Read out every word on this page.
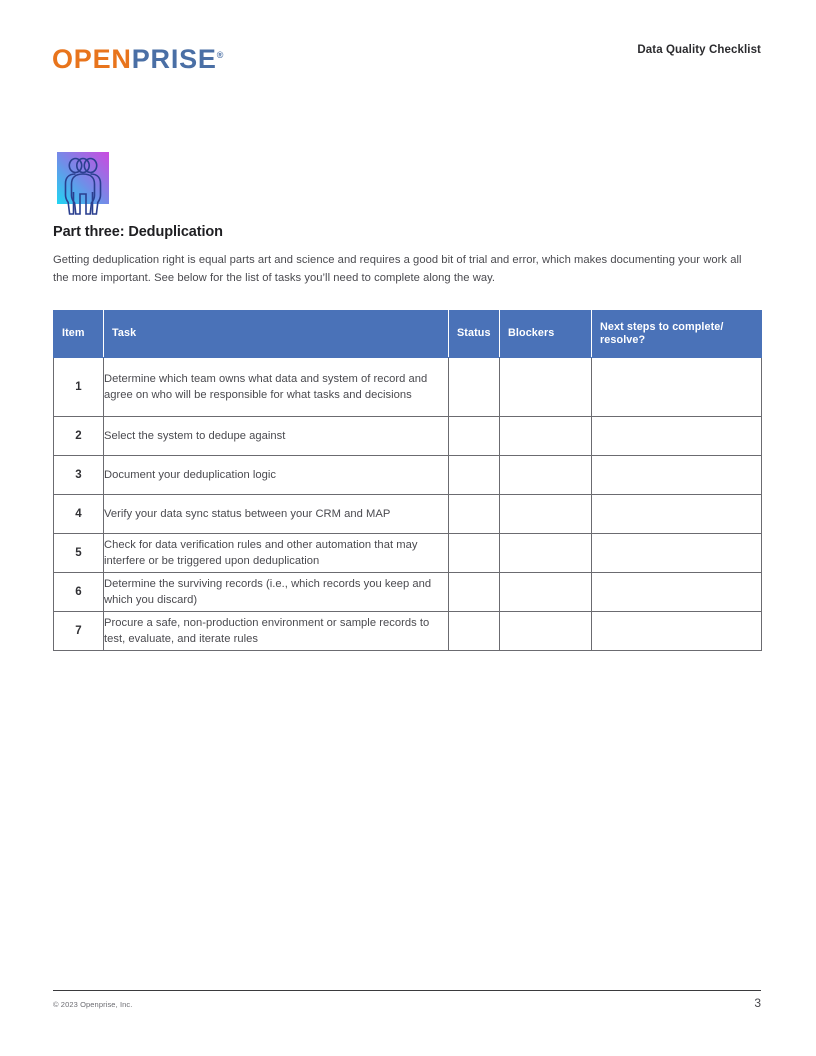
OPENPRISE®	Data Quality Checklist
Part three: Deduplication
Getting deduplication right is equal parts art and science and requires a good bit of trial and error, which makes documenting your work all the more important. See below for the list of tasks you’ll need to complete along the way.
Item	Task	Status	Blockers	Next steps to complete/ resolve?
1	Determine which team owns what data and system of record and agree on who will be responsible for what tasks and decisions			
2	Select the system to dedupe against			
3	Document your deduplication logic			
4	Verify your data sync status between your CRM and MAP			
5	Check for data verification rules and other automation that may interfere or be triggered upon deduplication			
6	Determine the surviving records (i.e., which records you keep and which you discard)			
7	Procure a safe, non-production environment or sample records to test, evaluate, and iterate rules			
© 2023 Openprise, Inc.	3
